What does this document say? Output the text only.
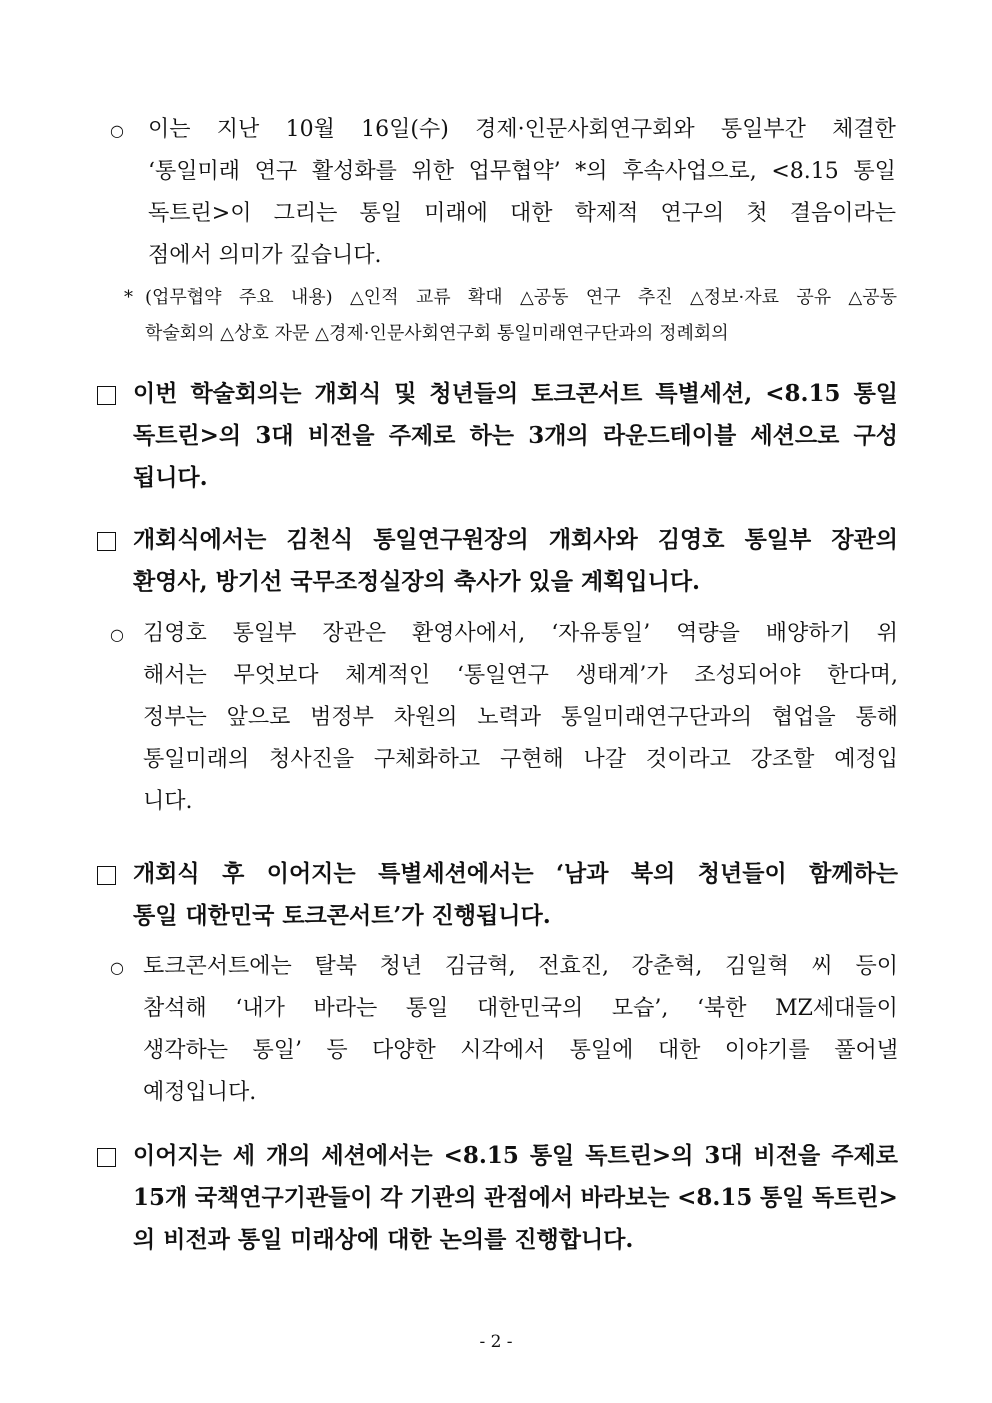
○ 이는 지난 10월 16일(수) 경제·인문사회연구회와 통일부간 체결한
‘통일미래 연구 활성화를 위한 업무협약’ *의 후속사업으로, <8.15 통일
독트린>이 그리는 통일 미래에 대한 학제적 연구의 첫 결음이라는
점에서 의미가 깊습니다.
* (업무협약 주요 내용) △인적 교류 확대 △공동 연구 추진 △정보·자료 공유 △공동
학술회의 △상호 자문 △경제·인문사회연구회 통일미래연구단과의 정례회의
이번 학술회의는 개회식 및 청년들의 토크콘서트 특별세션, <8.15 통일
독트린>의 3대 비전을 주제로 하는 3개의 라운드테이블 세션으로 구성
됩니다.
개회식에서는 김천식 통일연구원장의 개회사와 김영호 통일부 장관의
환영사, 방기선 국무조정실장의 축사가 있을 계획입니다.
○ 김영호 통일부 장관은 환영사에서, ‘자유통일’ 역량을 배양하기 위
해서는 무엇보다 체계적인 ‘통일연구 생태계’가 조성되어야 한다며,
정부는 앞으로 범정부 차원의 노력과 통일미래연구단과의 협업을 통해
통일미래의 청사진을 구체화하고 구현해 나갈 것이라고 강조할 예정입
니다.
개회식 후 이어지는 특별세션에서는 ‘남과 북의 청년들이 함께하는
통일 대한민국 토크콘서트’가 진행됩니다.
○ 토크콘서트에는 탈북 청년 김금혁, 전효진, 강춘혁, 김일혁 씨 등이
참석해 ‘내가 바라는 통일 대한민국의 모습’, ‘북한 MZ세대들이
생각하는 통일’ 등 다양한 시각에서 통일에 대한 이야기를 풀어낼
예정입니다.
이어지는 세 개의 세션에서는 <8.15 통일 독트린>의 3대 비전을 주제로
15개 국책연구기관들이 각 기관의 관점에서 바라보는 <8.15 통일 독트린>
의 비전과 통일 미래상에 대한 논의를 진행합니다.
- 2 -
